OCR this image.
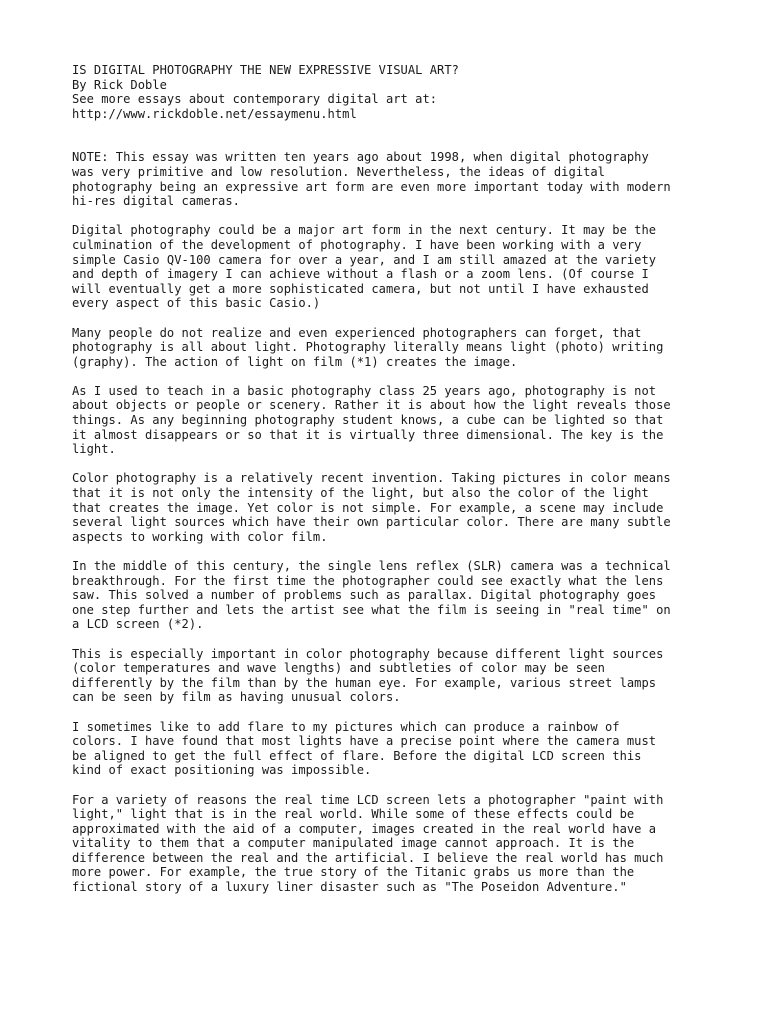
IS DIGITAL PHOTOGRAPHY THE NEW EXPRESSIVE VISUAL ART?
By Rick Doble
See more essays about contemporary digital art at:
http://www.rickdoble.net/essaymenu.html
NOTE: This essay was written ten years ago about 1998, when digital photography
was very primitive and low resolution. Nevertheless, the ideas of digital
photography being an expressive art form are even more important today with modern
hi-res digital cameras.
Digital photography could be a major art form in the next century. It may be the
culmination of the development of photography. I have been working with a very
simple Casio QV-100 camera for over a year, and I am still amazed at the variety
and depth of imagery I can achieve without a flash or a zoom lens. (Of course I
will eventually get a more sophisticated camera, but not until I have exhausted
every aspect of this basic Casio.)
Many people do not realize and even experienced photographers can forget, that
photography is all about light. Photography literally means light (photo) writing
(graphy). The action of light on film (*1) creates the image.
As I used to teach in a basic photography class 25 years ago, photography is not
about objects or people or scenery. Rather it is about how the light reveals those
things. As any beginning photography student knows, a cube can be lighted so that
it almost disappears or so that it is virtually three dimensional. The key is the
light.
Color photography is a relatively recent invention. Taking pictures in color means
that it is not only the intensity of the light, but also the color of the light
that creates the image. Yet color is not simple. For example, a scene may include
several light sources which have their own particular color. There are many subtle
aspects to working with color film.
In the middle of this century, the single lens reflex (SLR) camera was a technical
breakthrough. For the first time the photographer could see exactly what the lens
saw. This solved a number of problems such as parallax. Digital photography goes
one step further and lets the artist see what the film is seeing in "real time" on
a LCD screen (*2).
This is especially important in color photography because different light sources
(color temperatures and wave lengths) and subtleties of color may be seen
differently by the film than by the human eye. For example, various street lamps
can be seen by film as having unusual colors.
I sometimes like to add flare to my pictures which can produce a rainbow of
colors. I have found that most lights have a precise point where the camera must
be aligned to get the full effect of flare. Before the digital LCD screen this
kind of exact positioning was impossible.
For a variety of reasons the real time LCD screen lets a photographer "paint with
light," light that is in the real world. While some of these effects could be
approximated with the aid of a computer, images created in the real world have a
vitality to them that a computer manipulated image cannot approach. It is the
difference between the real and the artificial. I believe the real world has much
more power. For example, the true story of the Titanic grabs us more than the
fictional story of a luxury liner disaster such as "The Poseidon Adventure."
